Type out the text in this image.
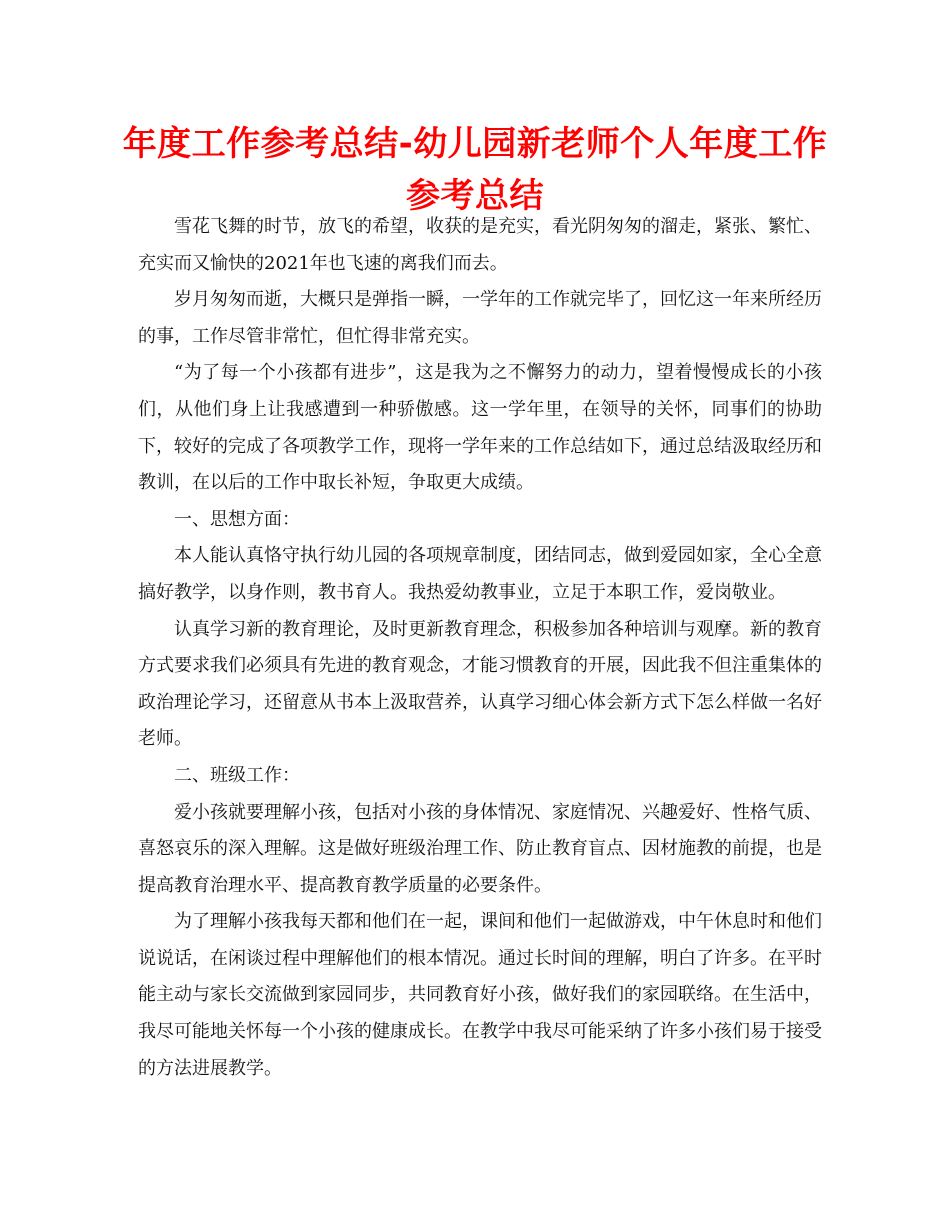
年度工作参考总结-幼儿园新老师个人年度工作参考总结

雪花飞舞的时节，放飞的希望，收获的是充实，看光阴匆匆的溜走，紧张、繁忙、充实而又愉快的2021年也飞速的离我们而去。

岁月匆匆而逝，大概只是弹指一瞬，一学年的工作就完毕了，回忆这一年来所经历的事，工作尽管非常忙，但忙得非常充实。

“为了每一个小孩都有进步”，这是我为之不懈努力的动力，望着慢慢成长的小孩们，从他们身上让我感遭到一种骄傲感。这一学年里，在领导的关怀，同事们的协助下，较好的完成了各项教学工作，现将一学年来的工作总结如下，通过总结汲取经历和教训，在以后的工作中取长补短，争取更大成绩。

一、思想方面：

本人能认真恪守执行幼儿园的各项规章制度，团结同志，做到爱园如家，全心全意搞好教学，以身作则，教书育人。我热爱幼教事业，立足于本职工作，爱岗敬业。

认真学习新的教育理论，及时更新教育理念，积极参加各种培训与观摩。新的教育方式要求我们必须具有先进的教育观念，才能习惯教育的开展，因此我不但注重集体的政治理论学习，还留意从书本上汲取营养，认真学习细心体会新方式下怎么样做一名好老师。

二、班级工作：

爱小孩就要理解小孩，包括对小孩的身体情况、家庭情况、兴趣爱好、性格气质、喜怒哀乐的深入理解。这是做好班级治理工作、防止教育盲点、因材施教的前提，也是提高教育治理水平、提高教育教学质量的必要条件。

为了理解小孩我每天都和他们在一起，课间和他们一起做游戏，中午休息时和他们说说话，在闲谈过程中理解他们的根本情况。通过长时间的理解，明白了许多。在平时能主动与家长交流做到家园同步，共同教育好小孩，做好我们的家园联络。在生活中，我尽可能地关怀每一个小孩的健康成长。在教学中我尽可能采纳了许多小孩们易于接受的方法进展教学。
